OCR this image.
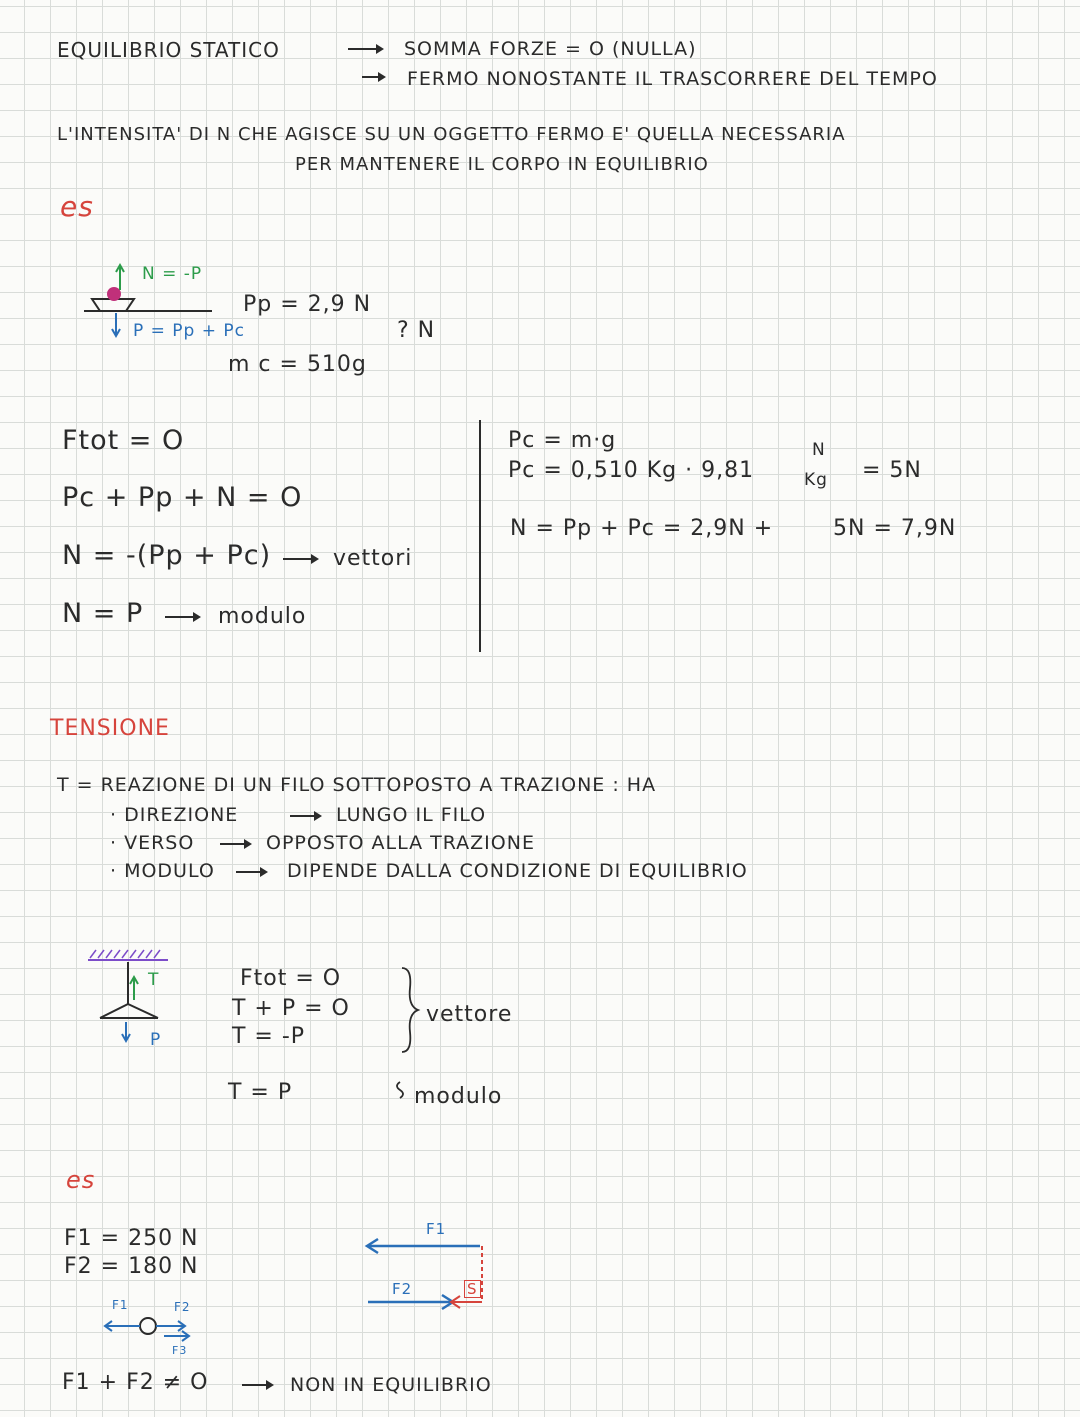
EQUILIBRIO STATICO	SOMMA FORZE = O (NULLA)
FERMO NONOSTANTE IL TRASCORRERE DEL TEMPO
L'INTENSITA' DI N CHE AGISCE SU UN OGGETTO FERMO E' QUELLA NECESSARIA
PER MANTENERE IL CORPO IN EQUILIBRIO
es
N = -P
P = Pp + Pc
Pp = 2,9 N
? N
m c = 510g
Ftot = O
Pc + Pp + N = O
N = -(Pp + Pc)	vettori
N = P	modulo
Pc = m·g
Pc = 0,510 Kg · 9,81
N
Kg = 5N
N = Pp + Pc = 2,9N +	5N = 7,9N
TENSIONE
T = REAZIONE DI UN FILO SOTTOPOSTO A TRAZIONE : HA
· DIREZIONE	LUNGO IL FILO
· VERSO	OPPOSTO ALLA TRAZIONE
· MODULO	DIPENDE DALLA CONDIZIONE DI EQUILIBRIO
T
P
Ftot = O
T + P = O
T = -P
vettore
T = P	modulo
es
F1 = 250 N
F2 = 180 N
F1	F2
F3
F1
F2	S
F1 + F2 ≠ O	NON IN EQUILIBRIO
